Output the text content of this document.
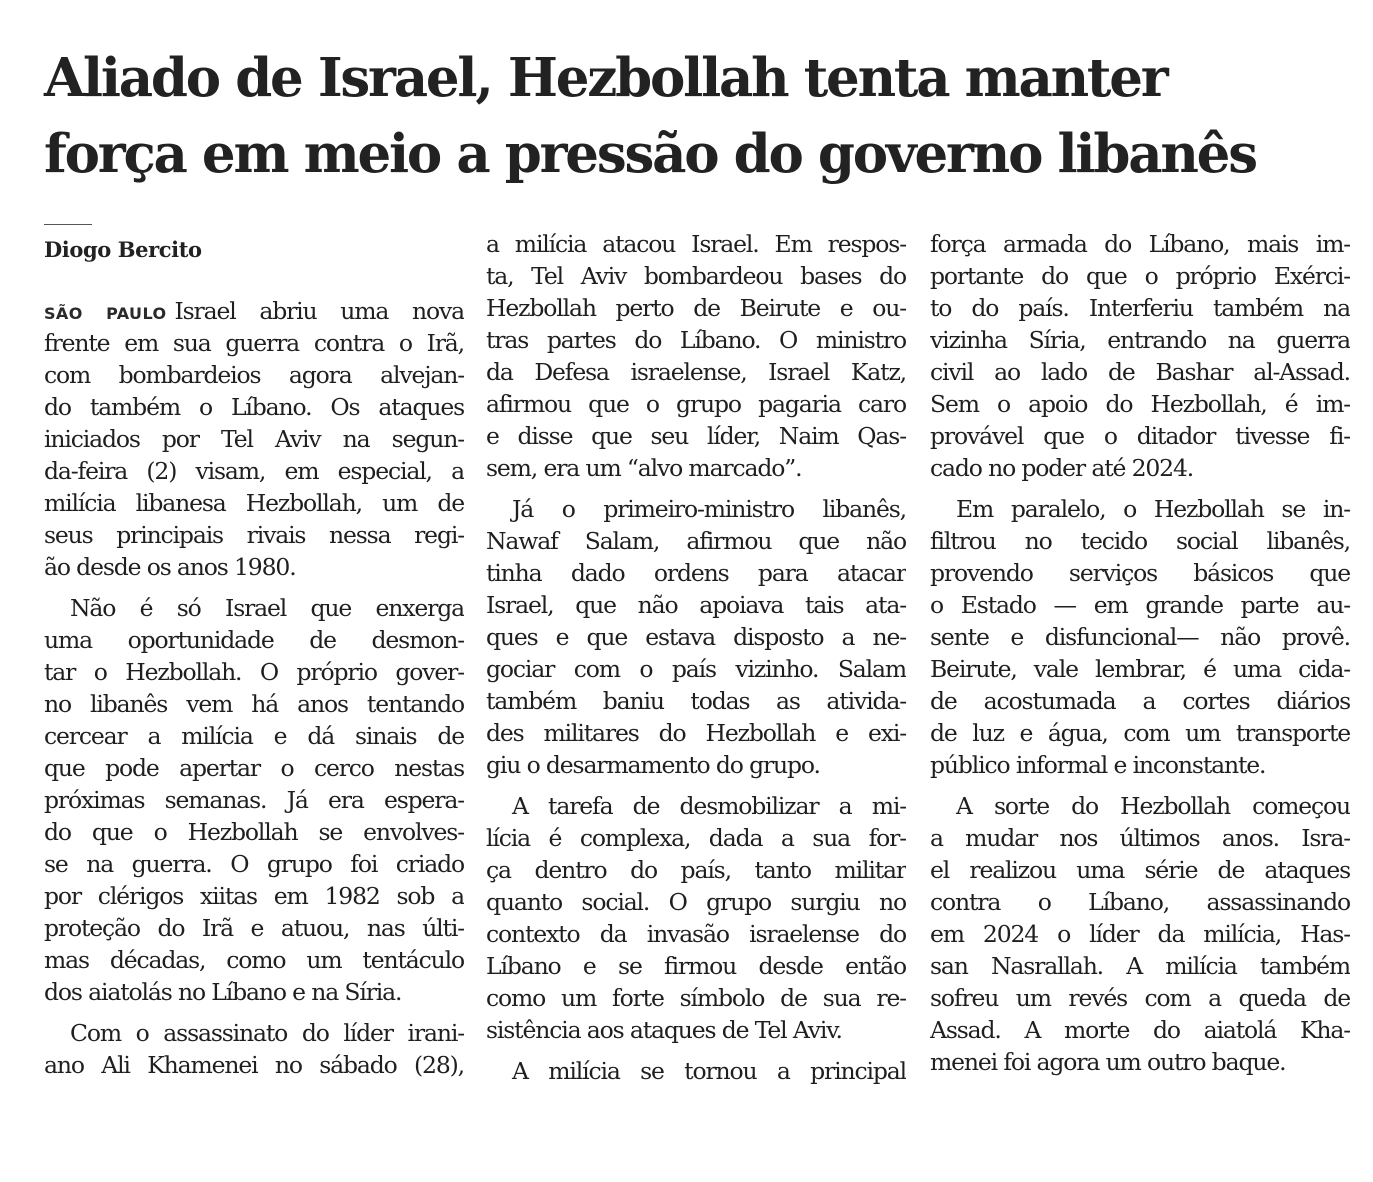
Aliado de Israel, Hezbollah tenta manter
força em meio a pressão do governo libanês
Diogo Bercito
SÃO PAULO Israel abriu uma nova
frente em sua guerra contra o Irã,
com bombardeios agora alvejan-
do também o Líbano. Os ataques
iniciados por Tel Aviv na segun-
da-feira (2) visam, em especial, a
milícia libanesa Hezbollah, um de
seus principais rivais nessa regi-
ão desde os anos 1980.
Não é só Israel que enxerga
uma oportunidade de desmon-
tar o Hezbollah. O próprio gover-
no libanês vem há anos tentando
cercear a milícia e dá sinais de
que pode apertar o cerco nestas
próximas semanas. Já era espera-
do que o Hezbollah se envolves-
se na guerra. O grupo foi criado
por clérigos xiitas em 1982 sob a
proteção do Irã e atuou, nas últi-
mas décadas, como um tentáculo
dos aiatolás no Líbano e na Síria.
Com o assassinato do líder irani-
ano Ali Khamenei no sábado (28),
a milícia atacou Israel. Em respos-
ta, Tel Aviv bombardeou bases do
Hezbollah perto de Beirute e ou-
tras partes do Líbano. O ministro
da Defesa israelense, Israel Katz,
afirmou que o grupo pagaria caro
e disse que seu líder, Naim Qas-
sem, era um “alvo marcado”.
Já o primeiro-ministro libanês,
Nawaf Salam, afirmou que não
tinha dado ordens para atacar
Israel, que não apoiava tais ata-
ques e que estava disposto a ne-
gociar com o país vizinho. Salam
também baniu todas as ativida-
des militares do Hezbollah e exi-
giu o desarmamento do grupo.
A tarefa de desmobilizar a mi-
lícia é complexa, dada a sua for-
ça dentro do país, tanto militar
quanto social. O grupo surgiu no
contexto da invasão israelense do
Líbano e se firmou desde então
como um forte símbolo de sua re-
sistência aos ataques de Tel Aviv.
A milícia se tornou a principal
força armada do Líbano, mais im-
portante do que o próprio Exérci-
to do país. Interferiu também na
vizinha Síria, entrando na guerra
civil ao lado de Bashar al-Assad.
Sem o apoio do Hezbollah, é im-
provável que o ditador tivesse fi-
cado no poder até 2024.
Em paralelo, o Hezbollah se in-
filtrou no tecido social libanês,
provendo serviços básicos que
o Estado — em grande parte au-
sente e disfuncional— não provê.
Beirute, vale lembrar, é uma cida-
de acostumada a cortes diários
de luz e água, com um transporte
público informal e inconstante.
A sorte do Hezbollah começou
a mudar nos últimos anos. Isra-
el realizou uma série de ataques
contra o Líbano, assassinando
em 2024 o líder da milícia, Has-
san Nasrallah. A milícia também
sofreu um revés com a queda de
Assad. A morte do aiatolá Kha-
menei foi agora um outro baque.
